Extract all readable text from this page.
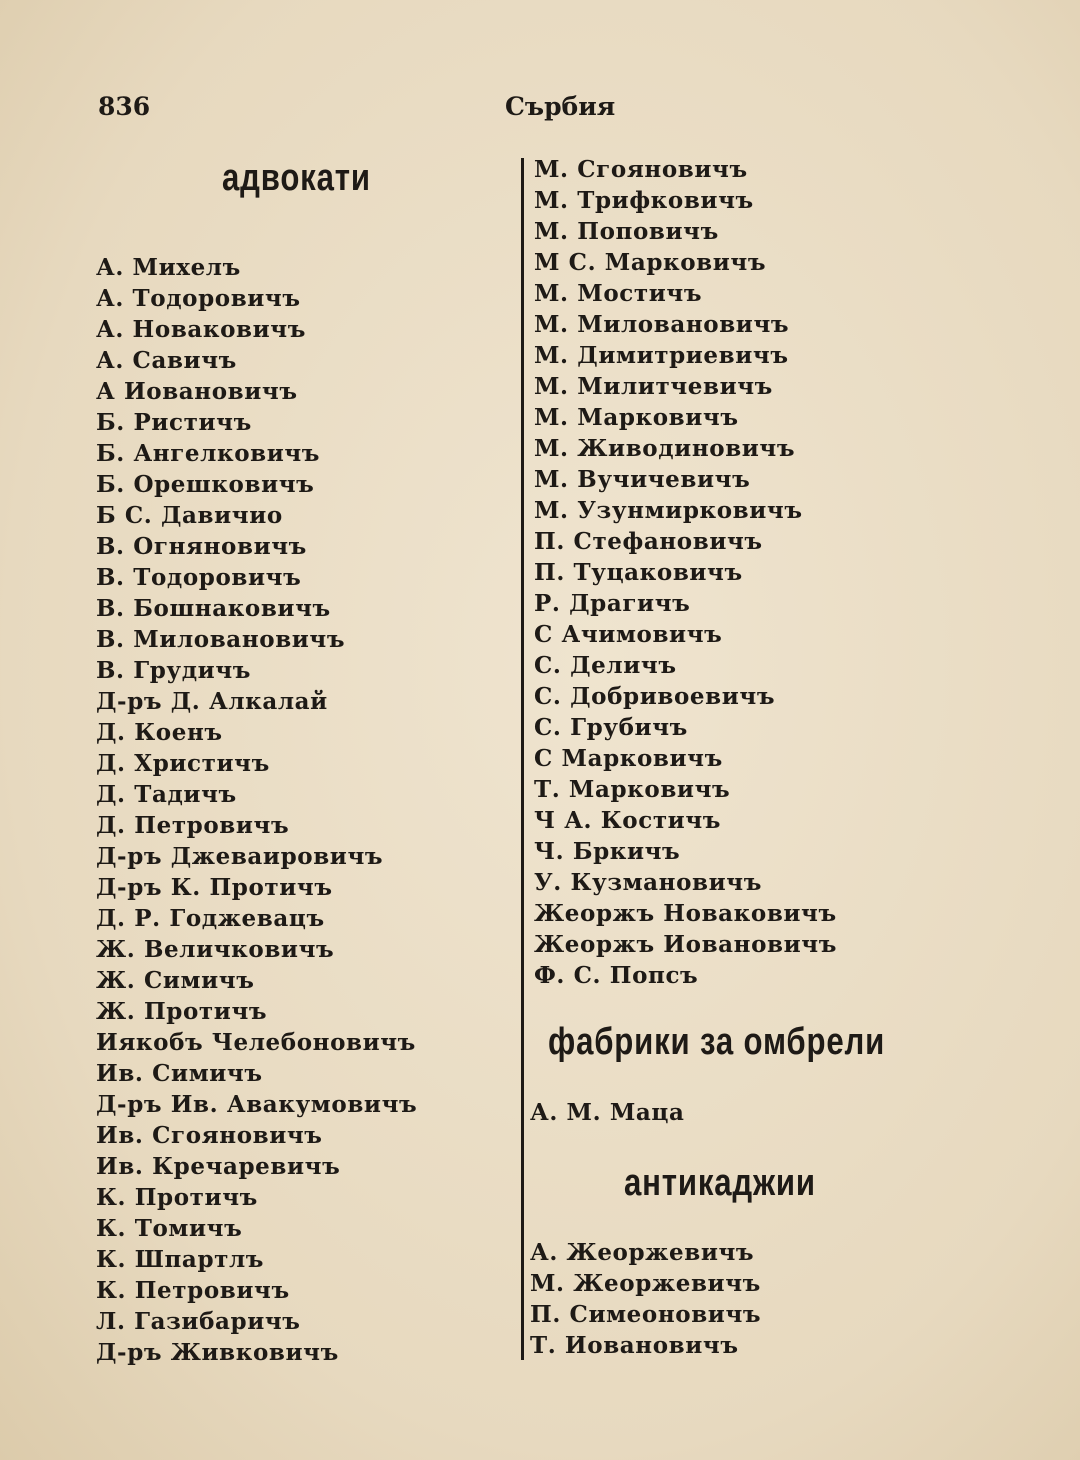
836	Сърбия
адвокати
А. Михелъ
А. Тодоровичъ
А. Новаковичъ
А. Савичъ
А Иовановичъ
Б. Ристичъ
Б. Ангелковичъ
Б. Орешковичъ
Б С. Давичио
В. Огняновичъ
В. Тодоровичъ
В. Бошнаковичъ
В. Миловановичъ
В. Грудичъ
Д-ръ Д. Алкалай
Д. Коенъ
Д. Христичъ
Д. Тадичъ
Д. Петровичъ
Д-ръ Джеваировичъ
Д-ръ К. Протичъ
Д. Р. Годжевацъ
Ж. Величковичъ
Ж. Симичъ
Ж. Протичъ
Иякобъ Челебоновичъ
Ив. Симичъ
Д-ръ Ив. Авакумовичъ
Ив. Сгояновичъ
Ив. Кречаревичъ
К. Протичъ
К. Томичъ
К. Шпартлъ
К. Петровичъ
Л. Газибаричъ
Д-ръ Живковичъ
М. Сгояновичъ
М. Трифковичъ
М. Поповичъ
М С. Марковичъ
М. Мостичъ
М. Миловановичъ
М. Димитриевичъ
М. Милитчевичъ
М. Марковичъ
М. Живодиновичъ
М. Вучичевичъ
М. Узунмирковичъ
П. Стефановичъ
П. Туцаковичъ
Р. Драгичъ
С Ачимовичъ
С. Деличъ
С. Добривоевичъ
С. Грубичъ
С Марковичъ
Т. Марковичъ
Ч А. Костичъ
Ч. Бркичъ
У. Кузмановичъ
Жеоржъ Новаковичъ
Жеоржъ Иовановичъ
Ф. С. Попсъ
фабрики за омбрели
А. М. Маца
антикаджии
А. Жеоржевичъ
М. Жеоржевичъ
П. Симеоновичъ
Т. Иовановичъ
